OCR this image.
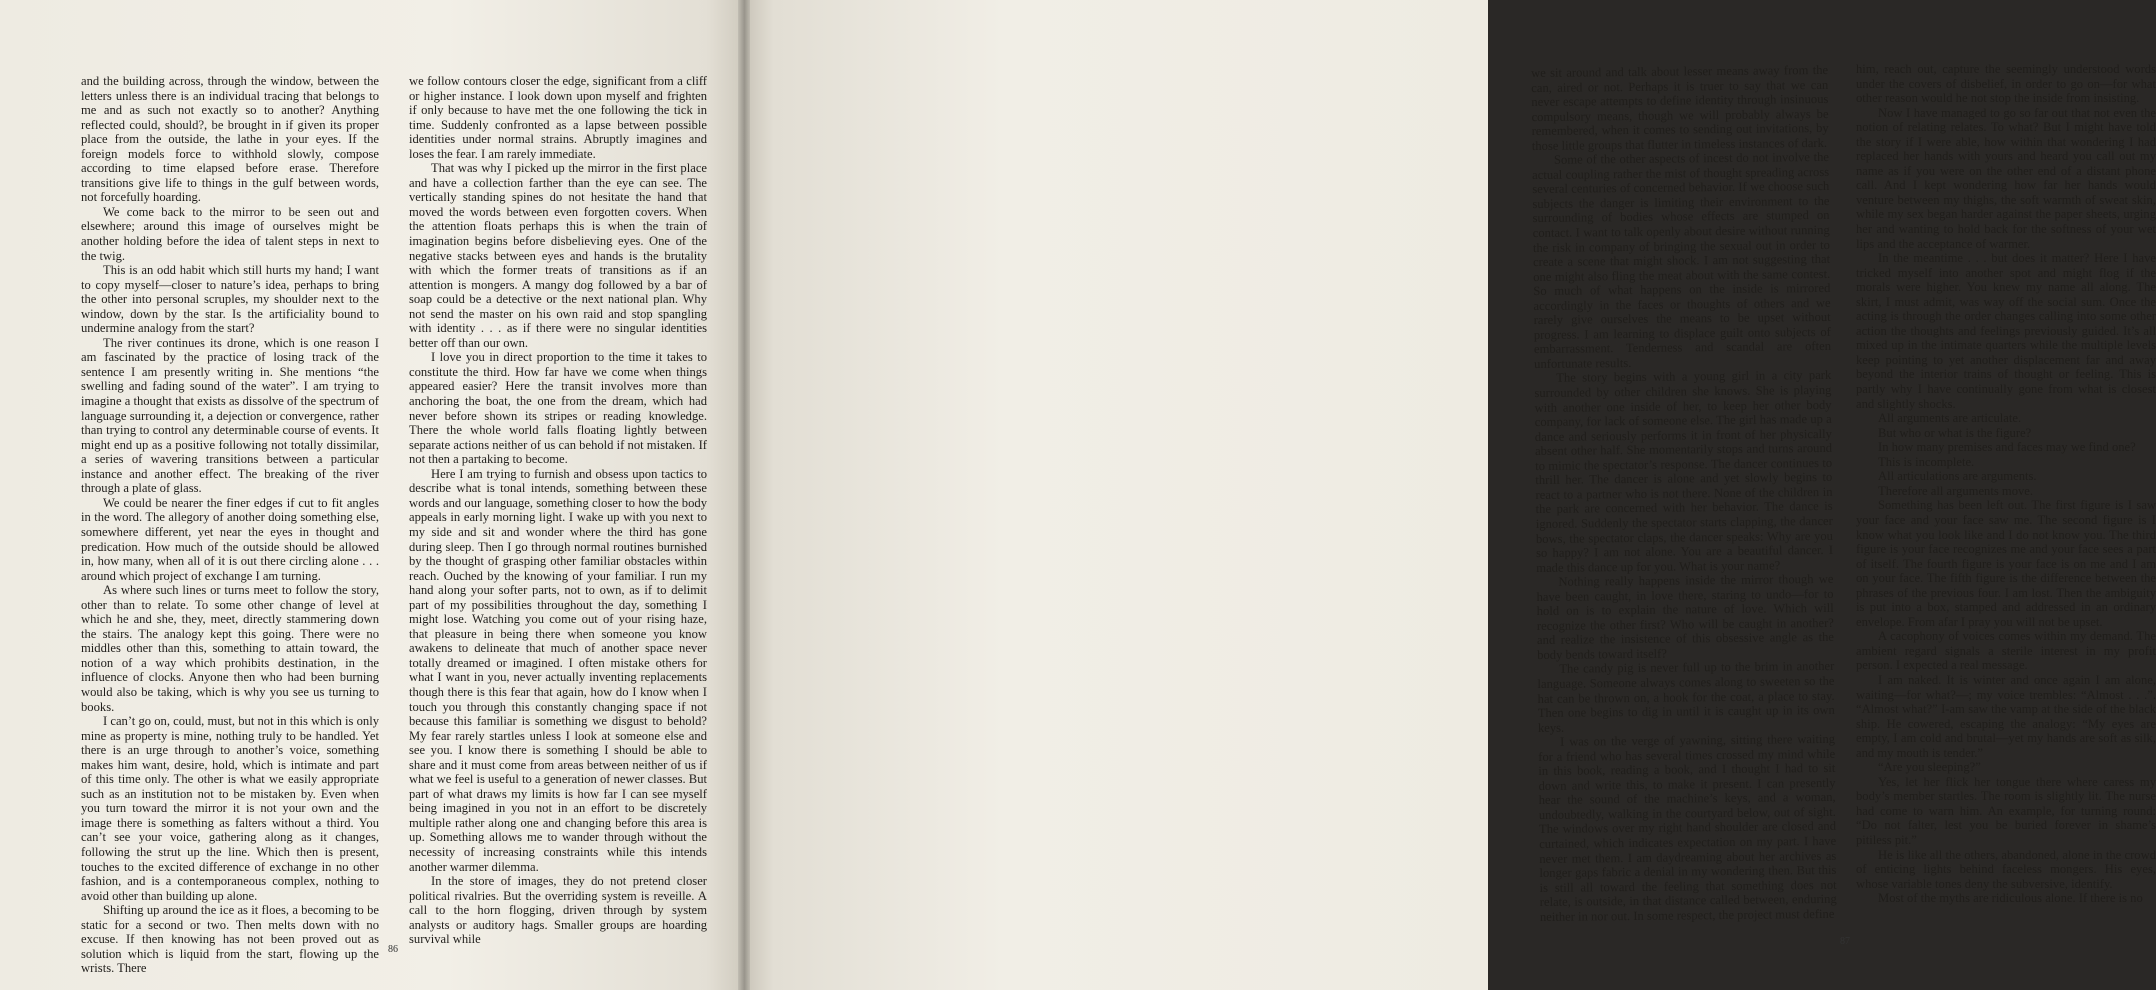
and the building across, through the window, between the letters unless there is an individual tracing that belongs to me and as such not exactly so to another? Anything reflected could, should?, be brought in if given its proper place from the outside, the lathe in your eyes. If the foreign models force to withhold slowly, compose according to time elapsed before erase. Therefore transitions give life to things in the gulf between words, not forcefully hoarding.

We come back to the mirror to be seen out and elsewhere; around this image of ourselves might be another holding before the idea of talent steps in next to the twig.

This is an odd habit which still hurts my hand; I want to copy myself—closer to nature’s idea, perhaps to bring the other into personal scruples, my shoulder next to the window, down by the star. Is the artificiality bound to undermine analogy from the start?

The river continues its drone, which is one reason I am fascinated by the practice of losing track of the sentence I am presently writing in. She mentions “the swelling and fading sound of the water”. I am trying to imagine a thought that exists as dissolve of the spectrum of language surrounding it, a dejection or convergence, rather than trying to control any determinable course of events. It might end up as a positive following not totally dissimilar, a series of wavering transitions between a particular instance and another effect. The breaking of the river through a plate of glass.

We could be nearer the finer edges if cut to fit angles in the word. The allegory of another doing something else, somewhere different, yet near the eyes in thought and predication. How much of the outside should be allowed in, how many, when all of it is out there circling alone . . . around which project of exchange I am turning.

As where such lines or turns meet to follow the story, other than to relate. To some other change of level at which he and she, they, meet, directly stammering down the stairs. The analogy kept this going. There were no middles other than this, something to attain toward, the notion of a way which prohibits destination, in the influence of clocks. Anyone then who had been burning would also be taking, which is why you see us turning to books.

I can’t go on, could, must, but not in this which is only mine as property is mine, nothing truly to be handled. Yet there is an urge through to another’s voice, something makes him want, desire, hold, which is intimate and part of this time only. The other is what we easily appropriate such as an institution not to be mistaken by. Even when you turn toward the mirror it is not your own and the image there is something as falters without a third. You can’t see your voice, gathering along as it changes, following the strut up the line. Which then is present, touches to the excited difference of exchange in no other fashion, and is a contemporaneous complex, nothing to avoid other than building up alone.

Shifting up around the ice as it floes, a becoming to be static for a second or two. Then melts down with no excuse. If then knowing has not been proved out as solution which is liquid from the start, flowing up the wrists. There

we follow contours closer the edge, significant from a cliff or higher instance. I look down upon myself and frighten if only because to have met the one following the tick in time. Suddenly confronted as a lapse between possible identities under normal strains. Abruptly imagines and loses the fear. I am rarely immediate.

That was why I picked up the mirror in the first place and have a collection farther than the eye can see. The vertically standing spines do not hesitate the hand that moved the words between even forgotten covers. When the attention floats perhaps this is when the train of imagination begins before disbelieving eyes. One of the negative stacks between eyes and hands is the brutality with which the former treats of transitions as if an attention is mongers. A mangy dog followed by a bar of soap could be a detective or the next national plan. Why not send the master on his own raid and stop spangling with identity . . . as if there were no singular identities better off than our own.

I love you in direct proportion to the time it takes to constitute the third. How far have we come when things appeared easier? Here the transit involves more than anchoring the boat, the one from the dream, which had never before shown its stripes or reading knowledge. There the whole world falls floating lightly between separate actions neither of us can behold if not mistaken. If not then a partaking to become.

Here I am trying to furnish and obsess upon tactics to describe what is tonal intends, something between these words and our language, something closer to how the body appeals in early morning light. I wake up with you next to my side and sit and wonder where the third has gone during sleep. Then I go through normal routines burnished by the thought of grasping other familiar obstacles within reach. Ouched by the knowing of your familiar. I run my hand along your softer parts, not to own, as if to delimit part of my possibilities throughout the day, something I might lose. Watching you come out of your rising haze, that pleasure in being there when someone you know awakens to delineate that much of another space never totally dreamed or imagined. I often mistake others for what I want in you, never actually inventing replacements though there is this fear that again, how do I know when I touch you through this constantly changing space if not because this familiar is something we disgust to behold? My fear rarely startles unless I look at someone else and see you. I know there is something I should be able to share and it must come from areas between neither of us if what we feel is useful to a generation of newer classes. But part of what draws my limits is how far I can see myself being imagined in you not in an effort to be discretely multiple rather along one and changing before this area is up. Something allows me to wander through without the necessity of increasing constraints while this intends another warmer dilemma.

In the store of images, they do not pretend closer political rivalries. But the overriding system is reveille. A call to the horn flogging, driven through by system analysts or auditory hags. Smaller groups are hoarding survival while

86

we sit around and talk about lesser means away from the can, aired or not. Perhaps it is truer to say that we can never escape attempts to define identity through insinuous compulsory means, though we will probably always be remembered, when it comes to sending out invitations, by those little groups that flutter in timeless instances of dark.

Some of the other aspects of incest do not involve the actual coupling rather the mist of thought spreading across several centuries of concerned behavior. If we choose such subjects the danger is limiting their environment to the surrounding of bodies whose effects are stumped on contact. I want to talk openly about desire without running the risk in company of bringing the sexual out in order to create a scene that might shock. I am not suggesting that one might also fling the meat about with the same contest. So much of what happens on the inside is mirrored accordingly in the faces or thoughts of others and we rarely give ourselves the means to be upset without progress. I am learning to displace guilt onto subjects of embarrassment. Tenderness and scandal are often unfortunate results.

The story begins with a young girl in a city park surrounded by other children she knows. She is playing with another one inside of her, to keep her other body company, for lack of someone else. The girl has made up a dance and seriously performs it in front of her physically absent other half. She momentarily stops and turns around to mimic the spectator’s response. The dancer continues to thrill her. The dancer is alone and yet slowly begins to react to a partner who is not there. None of the children in the park are concerned with her behavior. The dance is ignored. Suddenly the spectator starts clapping, the dancer bows, the spectator claps, the dancer speaks: Why are you so happy? I am not alone. You are a beautiful dancer. I made this dance up for you. What is your name?

Nothing really happens inside the mirror though we have been caught, in love there, staring to undo—for to hold on is to explain the nature of love. Which will recognize the other first? Who will be caught in another? and realize the insistence of this obsessive angle as the body bends toward itself?

The candy pig is never full up to the brim in another language. Someone always comes along to sweeten so the hat can be thrown on, a hook for the coat, a place to stay. Then one begins to dig in until it is caught up in its own keys.

I was on the verge of yawning, sitting there waiting for a friend who has several times crossed my mind while in this book, reading a book, and I thought I had to sit down and write this, to make it present. I can presently hear the sound of the machine’s keys, and a woman, undoubtedly, walking in the courtyard below, out of sight. The windows over my right hand shoulder are closed and curtained, which indicates expectation on my part. I have never met them. I am daydreaming about her archives as longer gaps fabric a denial in my wondering then. But this is still all toward the feeling that something does not relate, is outside, in that distance called between, enduring neither in nor out. In some respect, the project must define

him, reach out, capture the seemingly understood words under the covers of disbelief, in order to go on—for what other reason would he not stop the inside from insisting.

Now I have managed to go so far out that not even the notion of relating relates. To what? But I might have told the story if I were able, how within that wondering I had replaced her hands with yours and heard you call out my name as if you were on the other end of a distant phone call. And I kept wondering how far her hands would venture between my thighs, the soft warmth of sweat skin, while my sex began harder against the paper sheets, urging her and wanting to hold back for the softness of your wet lips and the acceptance of warmer.

In the meantime . . . but does it matter? Here I have tricked myself into another spot and might flog if the morals were higher. You knew my name all along. The skirt, I must admit, was way off the social sum. Once the acting is through the order changes calling into some other action the thoughts and feelings previously guided. It’s all mixed up in the intimate quarters while the multiple levels keep pointing to yet another displacement far and away beyond the interior trains of thought or feeling. This is partly why I have continually gone from what is closest and slightly shocks.

All arguments are articulate.

But who or what is the figure?

In how many premises and faces may we find one?

This is incomplete.

All articulations are arguments.

Therefore all arguments move.

Something has been left out. The first figure is I saw your face and your face saw me. The second figure is I know what you look like and I do not know you. The third figure is your face recognizes me and your face sees a part of itself. The fourth figure is your face is on me and I am on your face. The fifth figure is the difference between the phrases of the previous four. I am lost. Then the ambiguity is put into a box, stamped and addressed in an ordinary envelope. From afar I pray you will not be upset.

A cacophony of voices comes within my demand. The ambient regard signals a sterile interest in my profit person. I expected a real message.

I am naked. It is winter and once again I am alone, waiting—for what?—; my voice trembles: “Almost . . .”. “Almost what?” I-am saw the vamp at the side of the black ship. He cowered, escaping the analogy: “My eyes are empty, I am cold and brutal—yet my hands are soft as silk, and my mouth is tender.”

“Are you sleeping?”

Yes, let her flick her tongue there where caress my body’s member startles. The room is slightly lit. The nurse had come to warn him. An example, for turning round: “Do not falter, lest you be buried forever in shame’s pitiless pit.”

He is like all the others, abandoned, alone in the crowd of enticing lights behind faceless mongers. His eyes, whose variable tones deny the subversive, identify.

Most of the myths are ridiculous alone. If there is no

87
